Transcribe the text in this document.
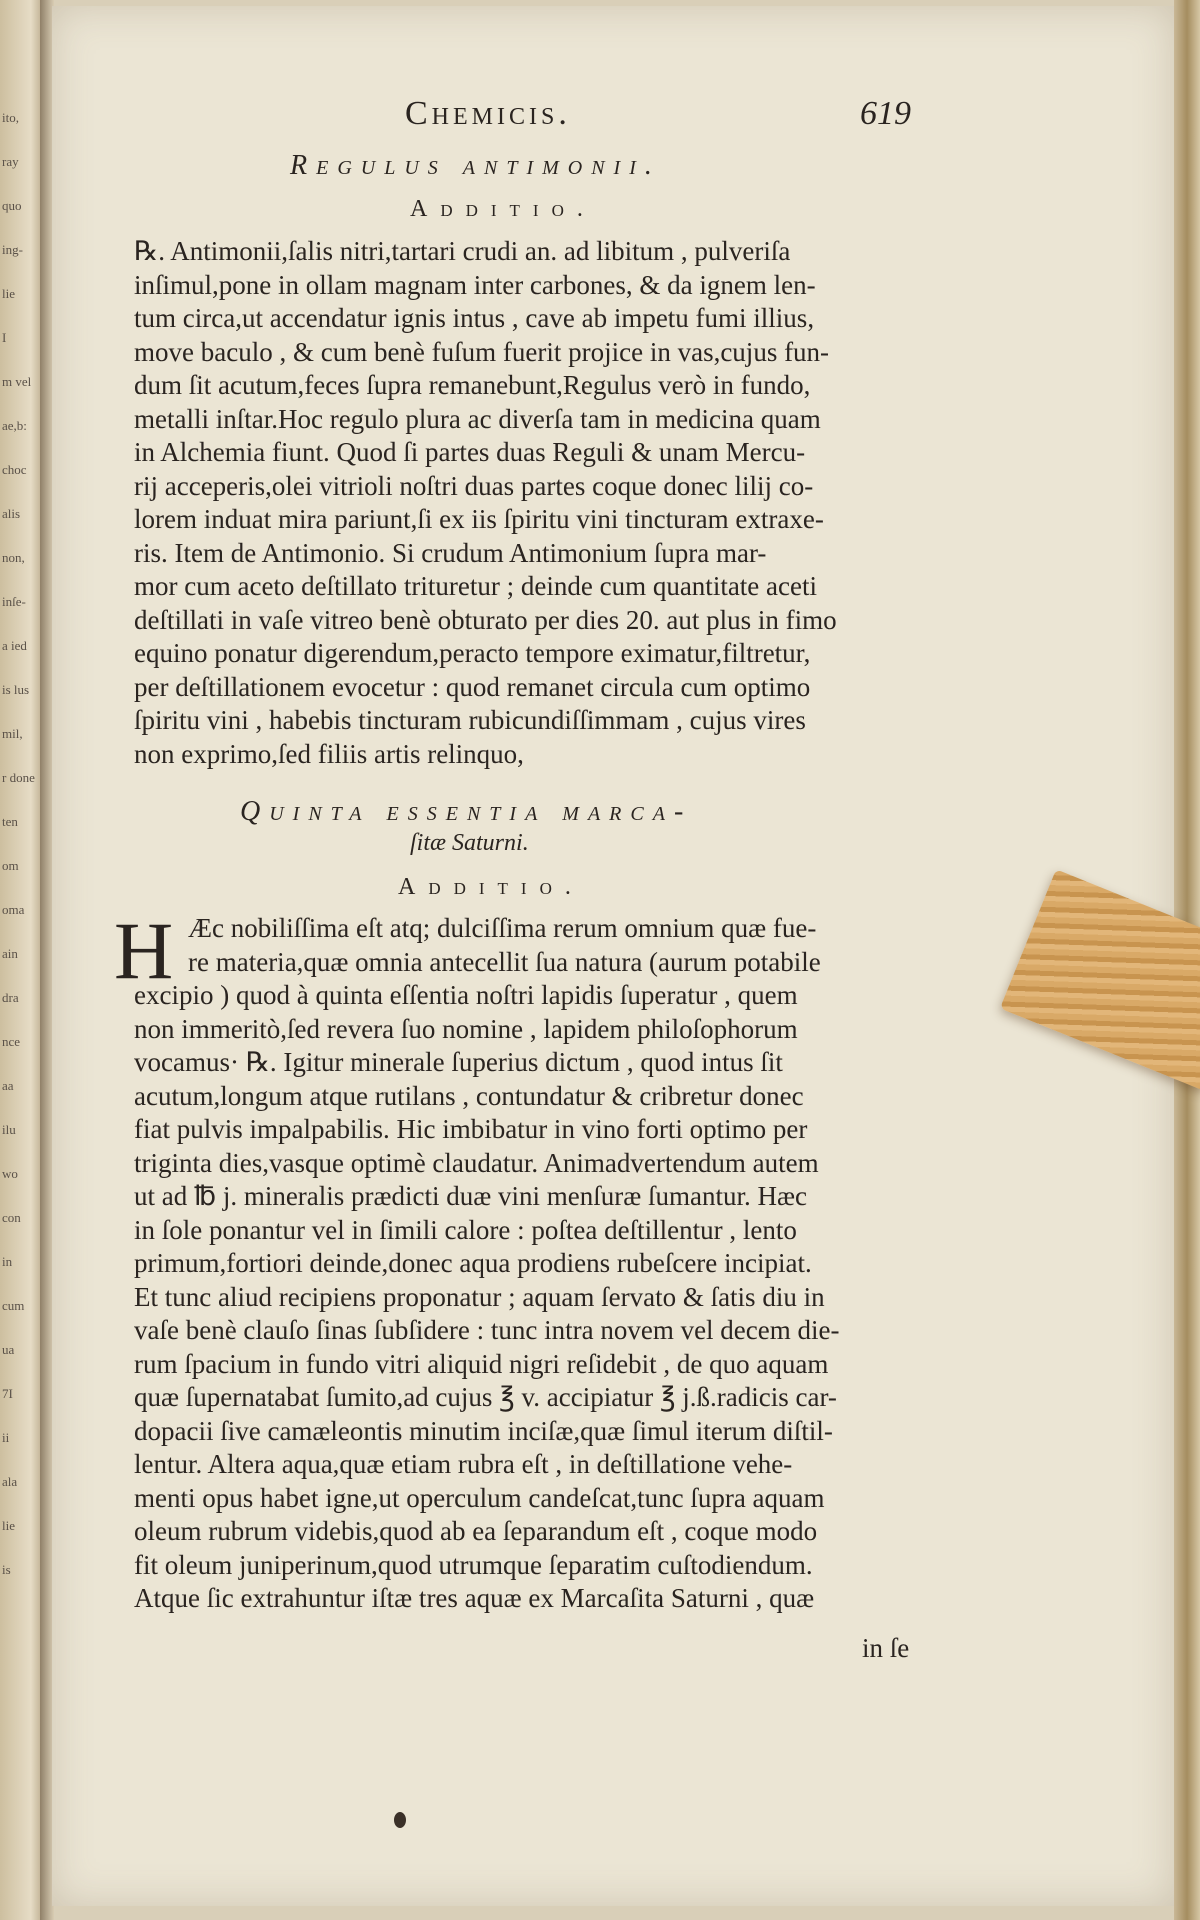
ito,
ray
quo
ing-
lie
I
m vel
ae,b:
choc
alis
non,
inſe-
a ied
is lus
mil,
r done
ten
om
oma
ain
dra
nce
aa
ilu
wo
con
in
cum
ua
7I
ii
ala
lie
is
Chemicis.	619
Regulus antimonii.
Additio.
℞. Antimonii,ſalis nitri,tartari crudi an. ad libitum , pulveriſa
inſimul,pone in ollam magnam inter carbones, & da ignem len-
tum circa,ut accendatur ignis intus , cave ab impetu fumi illius,
move baculo , & cum benè fuſum fuerit projice in vas,cujus fun-
dum ſit acutum,feces ſupra remanebunt,Regulus verò in fundo,
metalli inſtar.Hoc regulo plura ac diverſa tam in medicina quam
in Alchemia fiunt. Quod ſi partes duas Reguli & unam Mercu-
rij acceperis,olei vitrioli noſtri duas partes coque donec lilij co-
lorem induat mira pariunt,ſi ex iis ſpiritu vini tincturam extraxe-
ris. Item de Antimonio. Si crudum Antimonium ſupra mar-
mor cum aceto deſtillato trituretur ; deinde cum quantitate aceti
deſtillati in vaſe vitreo benè obturato per dies 20. aut plus in fimo
equino ponatur digerendum,peracto tempore eximatur,filtretur,
per deſtillationem evocetur : quod remanet circula cum optimo
ſpiritu vini , habebis tincturam rubicundiſſimmam , cujus vires
non exprimo,ſed filiis artis relinquo,
Quinta essentia marca-
ſitæ Saturni.
Additio.
H Æc nobiliſſima eſt atq; dulciſſima rerum omnium quæ fue-
re materia,quæ omnia antecellit ſua natura (aurum potabile
excipio ) quod à quinta eſſentia noſtri lapidis ſuperatur , quem
non immeritò,ſed revera ſuo nomine , lapidem philoſophorum
vocamus· ℞. Igitur minerale ſuperius dictum , quod intus ſit
acutum,longum atque rutilans , contundatur & cribretur donec
fiat pulvis impalpabilis. Hic imbibatur in vino forti optimo per
triginta dies,vasque optimè claudatur. Animadvertendum autem
ut ad ℔ j. mineralis prædicti duæ vini menſuræ ſumantur. Hæc
in ſole ponantur vel in ſimili calore : poſtea deſtillentur , lento
primum,fortiori deinde,donec aqua prodiens rubeſcere incipiat.
Et tunc aliud recipiens proponatur ; aquam ſervato & ſatis diu in
vaſe benè clauſo ſinas ſubſidere : tunc intra novem vel decem die-
rum ſpacium in fundo vitri aliquid nigri reſidebit , de quo aquam
quæ ſupernatabat ſumito,ad cujus ℥ v. accipiatur ℥ j.ß.radicis car-
dopacii ſive camæleontis minutim inciſæ,quæ ſimul iterum diſtil-
lentur. Altera aqua,quæ etiam rubra eſt , in deſtillatione vehe-
menti opus habet igne,ut operculum candeſcat,tunc ſupra aquam
oleum rubrum videbis,quod ab ea ſeparandum eſt , coque modo
fit oleum juniperinum,quod utrumque ſeparatim cuſtodiendum.
Atque ſic extrahuntur iſtæ tres aquæ ex Marcaſita Saturni , quæ
in ſe
